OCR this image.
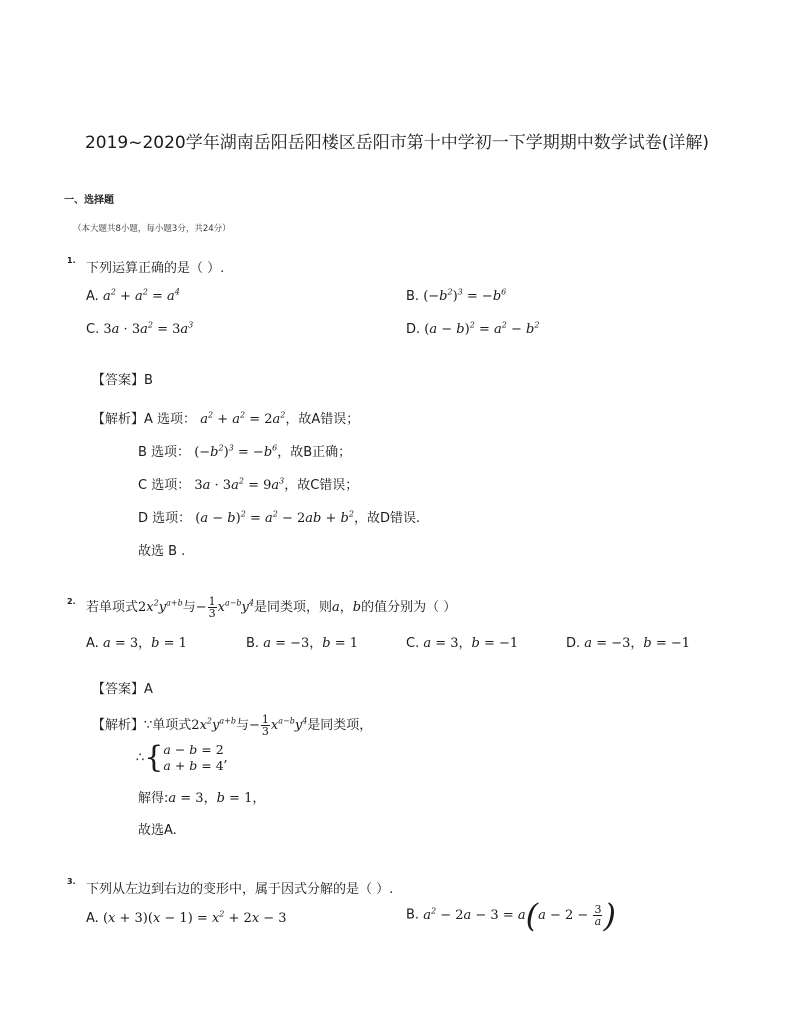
2019~2020学年湖南岳阳岳阳楼区岳阳市第十中学初一下学期期中数学试卷(详解)
一、选择题
（本大题共8小题，每小题3分，共24分）
1.
下列运算正确的是（ ）.
A. $a^2 + a^2 = a^4$	B. $(-b^2)^3 = -b^6$
C. $3a \cdot 3a^2 = 3a^3$	D. $(a - b)^2 = a^2 - b^2$
【答案】B
【解析】A 选项： $a^2 + a^2 = 2a^2$，故A错误；
B 选项： $(-b^2)^3 = -b^6$，故B正确；
C 选项： $3a \cdot 3a^2 = 9a^3$，故C错误；
D 选项： $(a - b)^2 = a^2 - 2ab + b^2$，故D错误.
故选 B .
2. 若单项式$2x^2y^{a+b}$与− $\frac{1}{3} x^{a-b}y^4$是同类项，则a，b的值分别为（ ）
A. a = 3，b = 1	B. a = −3，b = 1	C. a = 3，b = −1	D. a = −3，b = −1
【答案】A
【解析】∵单项式$2x^2y^{a+b}$与− $\frac{1}{3} x^{a-b}y^4$是同类项，
∴{ a − b = 2
a + b = 4 ,
解得:a = 3，b = 1，
故选A.
3.
下列从左边到右边的变形中，属于因式分解的是（ ）.
A. $(x + 3)(x - 1) = x^2 + 2x - 3$	B. $a^2 - 2a - 3 = a(a - 2 - \frac{3}{a}$ )
